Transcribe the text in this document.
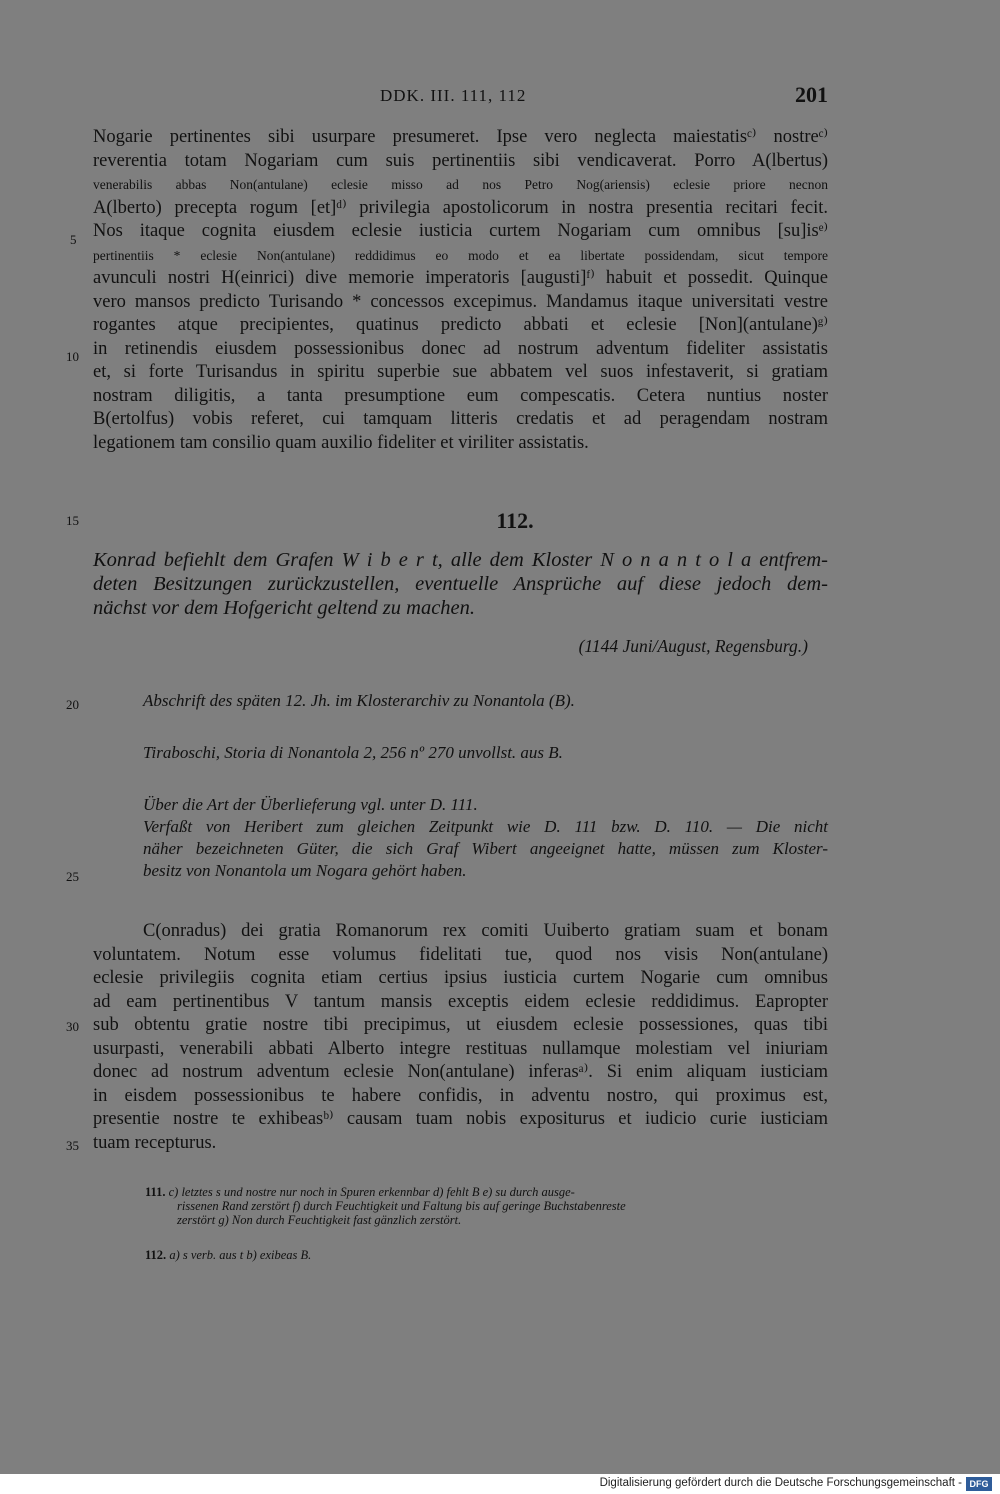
DDK. III. 111, 112	201
Nogarie pertinentes sibi usurpare presumeret. Ipse vero neglecta maiestatisᶜ⁾ nostreᶜ⁾
reverentia totam Nogariam cum suis pertinentiis sibi vendicaverat. Porro A(lbertus)
venerabilis abbas Non(antulane) eclesie misso ad nos Petro Nog(ariensis) eclesie priore necnon
A(lberto) precepta rogum [et]ᵈ⁾ privilegia apostolicorum in nostra presentia recitari fecit.
Nos itaque cognita eiusdem eclesie iusticia curtem Nogariam cum omnibus [su]isᵉ⁾
pertinentiis * eclesie Non(antulane) reddidimus eo modo et ea libertate possidendam, sicut tempore
avunculi nostri H(einrici) dive memorie imperatoris [augusti]ᶠ⁾ habuit et possedit. Quinque
vero mansos predicto Turisando * concessos excepimus. Mandamus itaque universitati vestre
rogantes atque precipientes, quatinus predicto abbati et eclesie [Non](antulane)ᵍ⁾
in retinendis eiusdem possessionibus donec ad nostrum adventum fideliter assistatis
et, si forte Turisandus in spiritu superbie sue abbatem vel suos infestaverit, si gratiam
nostram diligitis, a tanta presumptione eum compescatis. Cetera nuntius noster
B(ertolfus) vobis referet, cui tamquam litteris credatis et ad peragendam nostram
legationem tam consilio quam auxilio fideliter et viriliter assistatis.
5
10
15
20
25
30
35
112.
Konrad befiehlt dem Grafen W i b e r t, alle dem Kloster N o n a n t o l a entfrem-
deten Besitzungen zurückzustellen, eventuelle Ansprüche auf diese jedoch dem-
nächst vor dem Hofgericht geltend zu machen.
(1144 Juni/August, Regensburg.)
Abschrift des späten 12. Jh. im Klosterarchiv zu Nonantola (B).
Tiraboschi, Storia di Nonantola 2, 256 nº 270 unvollst. aus B.
Über die Art der Überlieferung vgl. unter D. 111.
Verfaßt von Heribert zum gleichen Zeitpunkt wie D. 111 bzw. D. 110. — Die nicht
näher bezeichneten Güter, die sich Graf Wibert angeeignet hatte, müssen zum Kloster-
besitz von Nonantola um Nogara gehört haben.
C(onradus) dei gratia Romanorum rex comiti Uuiberto gratiam suam et bonam
voluntatem. Notum esse volumus fidelitati tue, quod nos visis Non(antulane)
eclesie privilegiis cognita etiam certius ipsius iusticia curtem Nogarie cum omnibus
ad eam pertinentibus V tantum mansis exceptis eidem eclesie reddidimus. Eapropter
sub obtentu gratie nostre tibi precipimus, ut eiusdem eclesie possessiones, quas tibi
usurpasti, venerabili abbati Alberto integre restituas nullamque molestiam vel iniuriam
donec ad nostrum adventum eclesie Non(antulane) inferasᵃ⁾. Si enim aliquam iusticiam
in eisdem possessionibus te habere confidis, in adventu nostro, qui proximus est,
presentie nostre te exhibeasᵇ⁾ causam tuam nobis expositurus et iudicio curie iusticiam
tuam recepturus.
111. c) letztes s und nostre nur noch in Spuren erkennbar d) fehlt B e) su durch ausge-
rissenen Rand zerstört f) durch Feuchtigkeit und Faltung bis auf geringe Buchstabenreste
zerstört g) Non durch Feuchtigkeit fast gänzlich zerstört.
112. a) s verb. aus t b) exibeas B.
Digitalisierung gefördert durch die Deutsche Forschungsgemeinschaft - DFG
